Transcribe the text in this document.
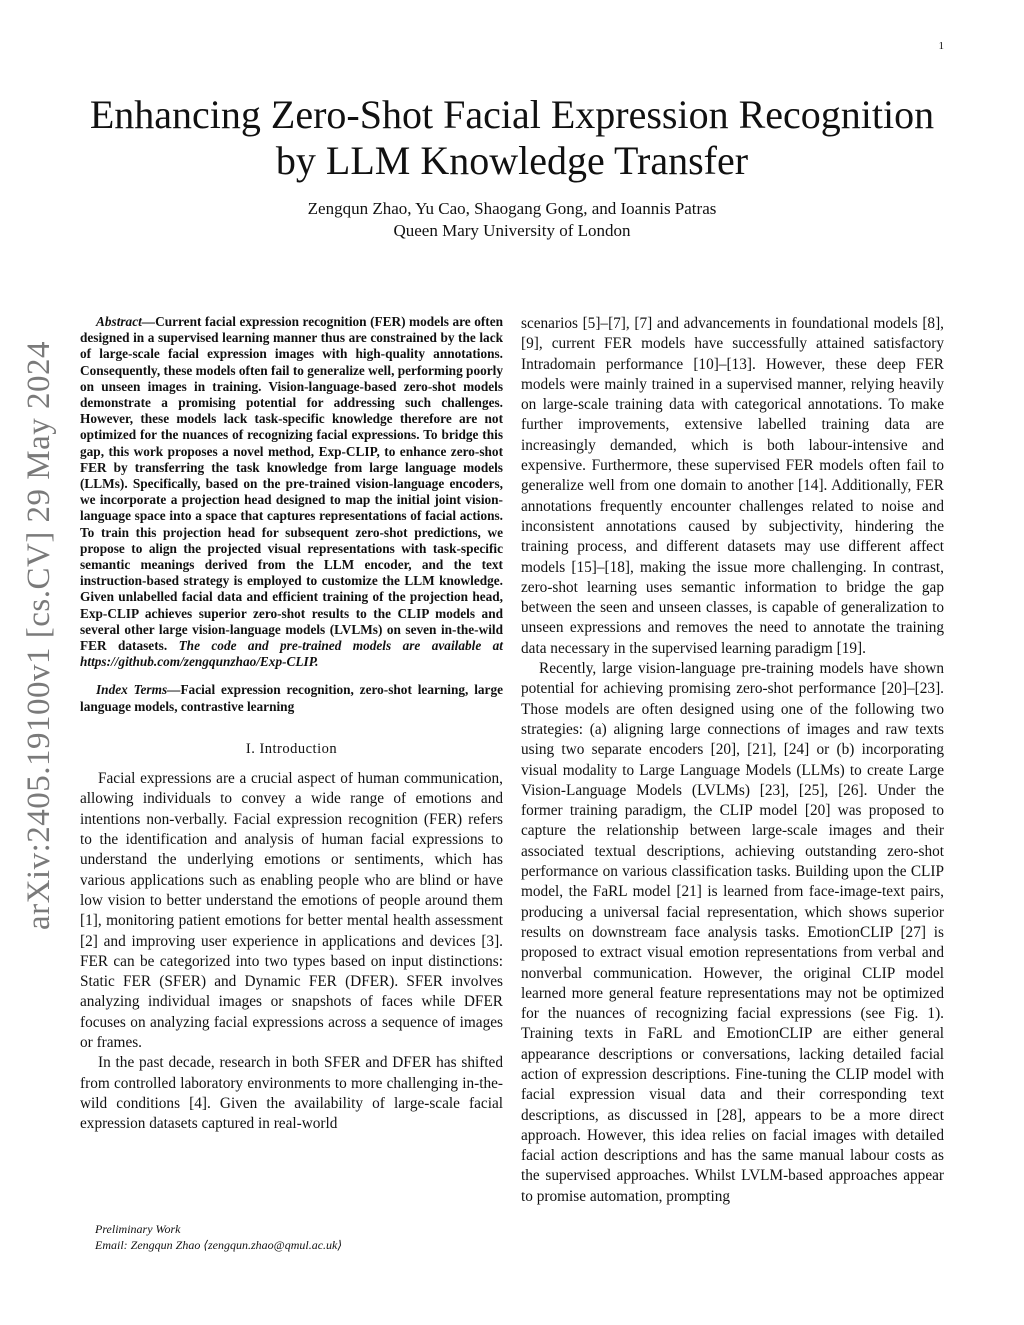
1
arXiv:2405.19100v1 [cs.CV] 29 May 2024
Enhancing Zero-Shot Facial Expression Recognition
by LLM Knowledge Transfer
Zengqun Zhao, Yu Cao, Shaogang Gong, and Ioannis Patras
Queen Mary University of London

Abstract—Current facial expression recognition (FER) models are often designed in a supervised learning manner thus are constrained by the lack of large-scale facial expression images with high-quality annotations. Consequently, these models often fail to generalize well, performing poorly on unseen images in training. Vision-language-based zero-shot models demonstrate a promising potential for addressing such challenges. However, these models lack task-specific knowledge therefore are not optimized for the nuances of recognizing facial expressions. To bridge this gap, this work proposes a novel method, Exp-CLIP, to enhance zero-shot FER by transferring the task knowledge from large language models (LLMs). Specifically, based on the pre-trained vision-language encoders, we incorporate a projection head designed to map the initial joint vision-language space into a space that captures representations of facial actions. To train this projection head for subsequent zero-shot predictions, we propose to align the projected visual representations with task-specific semantic meanings derived from the LLM encoder, and the text instruction-based strategy is employed to customize the LLM knowledge. Given unlabelled facial data and efficient training of the projection head, Exp-CLIP achieves superior zero-shot results to the CLIP models and several other large vision-language models (LVLMs) on seven in-the-wild FER datasets. The code and pre-trained models are available at https://github.com/zengqunzhao/Exp-CLIP.

Index Terms—Facial expression recognition, zero-shot learning, large language models, contrastive learning

I. Introduction

Facial expressions are a crucial aspect of human communication, allowing individuals to convey a wide range of emotions and intentions non-verbally. Facial expression recognition (FER) refers to the identification and analysis of human facial expressions to understand the underlying emotions or sentiments, which has various applications such as enabling people who are blind or have low vision to better understand the emotions of people around them [1], monitoring patient emotions for better mental health assessment [2] and improving user experience in applications and devices [3]. FER can be categorized into two types based on input distinctions: Static FER (SFER) and Dynamic FER (DFER). SFER involves analyzing individual images or snapshots of faces while DFER focuses on analyzing facial expressions across a sequence of images or frames.

In the past decade, research in both SFER and DFER has shifted from controlled laboratory environments to more challenging in-the-wild conditions [4]. Given the availability of large-scale facial expression datasets captured in real-world

scenarios [5]–[7], [7] and advancements in foundational models [8], [9], current FER models have successfully attained satisfactory Intradomain performance [10]–[13]. However, these deep FER models were mainly trained in a supervised manner, relying heavily on large-scale training data with categorical annotations. To make further improvements, extensive labelled training data are increasingly demanded, which is both labour-intensive and expensive. Furthermore, these supervised FER models often fail to generalize well from one domain to another [14]. Additionally, FER annotations frequently encounter challenges related to noise and inconsistent annotations caused by subjectivity, hindering the training process, and different datasets may use different affect models [15]–[18], making the issue more challenging. In contrast, zero-shot learning uses semantic information to bridge the gap between the seen and unseen classes, is capable of generalization to unseen expressions and removes the need to annotate the training data necessary in the supervised learning paradigm [19].

Recently, large vision-language pre-training models have shown potential for achieving promising zero-shot performance [20]–[23]. Those models are often designed using one of the following two strategies: (a) aligning large connections of images and raw texts using two separate encoders [20], [21], [24] or (b) incorporating visual modality to Large Language Models (LLMs) to create Large Vision-Language Models (LVLMs) [23], [25], [26]. Under the former training paradigm, the CLIP model [20] was proposed to capture the relationship between large-scale images and their associated textual descriptions, achieving outstanding zero-shot performance on various classification tasks. Building upon the CLIP model, the FaRL model [21] is learned from face-image-text pairs, producing a universal facial representation, which shows superior results on downstream face analysis tasks. EmotionCLIP [27] is proposed to extract visual emotion representations from verbal and nonverbal communication. However, the original CLIP model learned more general feature representations may not be optimized for the nuances of recognizing facial expressions (see Fig. 1). Training texts in FaRL and EmotionCLIP are either general appearance descriptions or conversations, lacking detailed facial action of expression descriptions. Fine-tuning the CLIP model with facial expression visual data and their corresponding text descriptions, as discussed in [28], appears to be a more direct approach. However, this idea relies on facial images with detailed facial action descriptions and has the same manual labour costs as the supervised approaches. Whilst LVLM-based approaches appear to promise automation, prompting

Preliminary Work
Email: Zengqun Zhao ⟨zengqun.zhao@qmul.ac.uk⟩
